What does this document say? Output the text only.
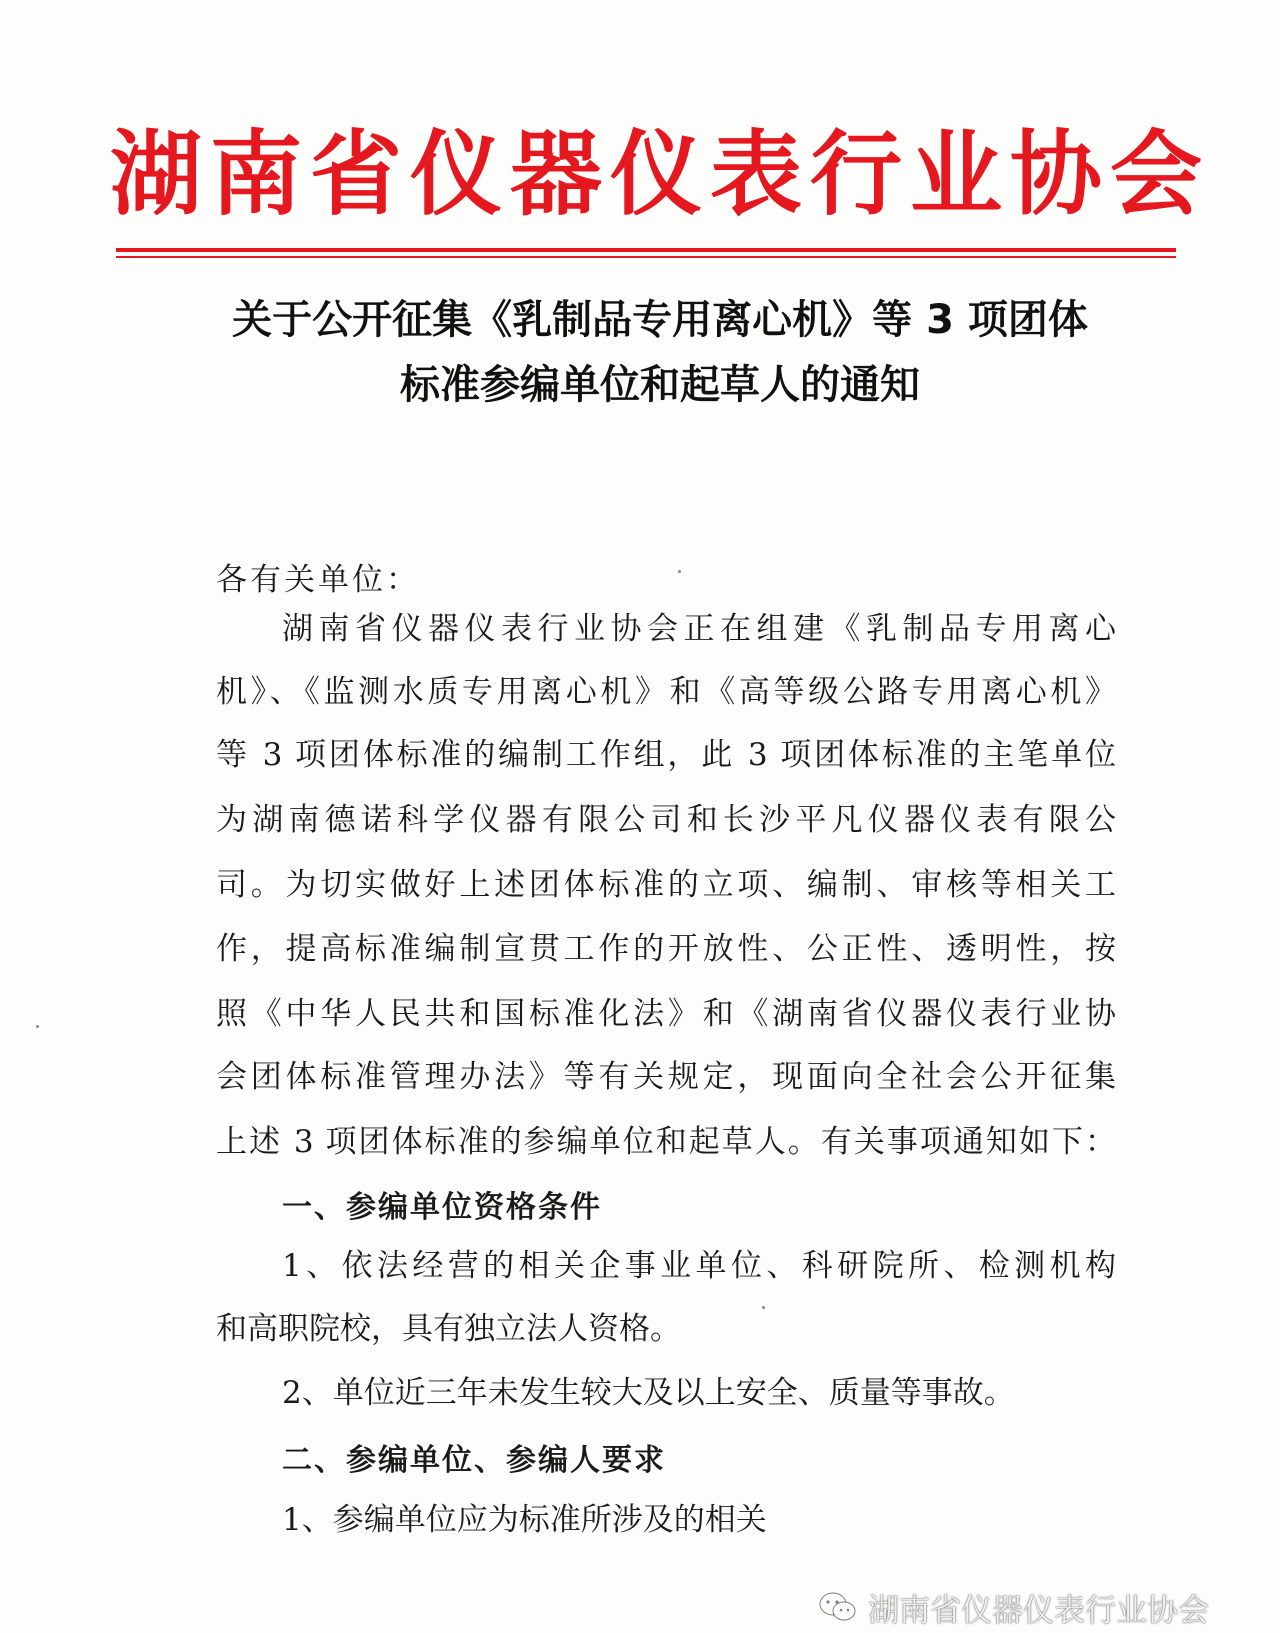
湖南省仪器仪表行业协会
关于公开征集《乳制品专用离心机》等 3 项团体
标准参编单位和起草人的通知
各有关单位：
湖南省仪器仪表行业协会正在组建《乳制品专用离心
机》、《监测水质专用离心机》和《高等级公路专用离心机》
等 3 项团体标准的编制工作组，此 3 项团体标准的主笔单位
为湖南德诺科学仪器有限公司和长沙平凡仪器仪表有限公
司。为切实做好上述团体标准的立项、编制、审核等相关工
作，提高标准编制宣贯工作的开放性、公正性、透明性，按
照《中华人民共和国标准化法》和《湖南省仪器仪表行业协
会团体标准管理办法》等有关规定，现面向全社会公开征集
上述 3 项团体标准的参编单位和起草人。有关事项通知如下：
一、参编单位资格条件
1、依法经营的相关企事业单位、科研院所、检测机构
和高职院校，具有独立法人资格。
2、单位近三年未发生较大及以上安全、质量等事故。
二、参编单位、参编人要求
1、参编单位应为标准所涉及的相关
湖南省仪器仪表行业协会
